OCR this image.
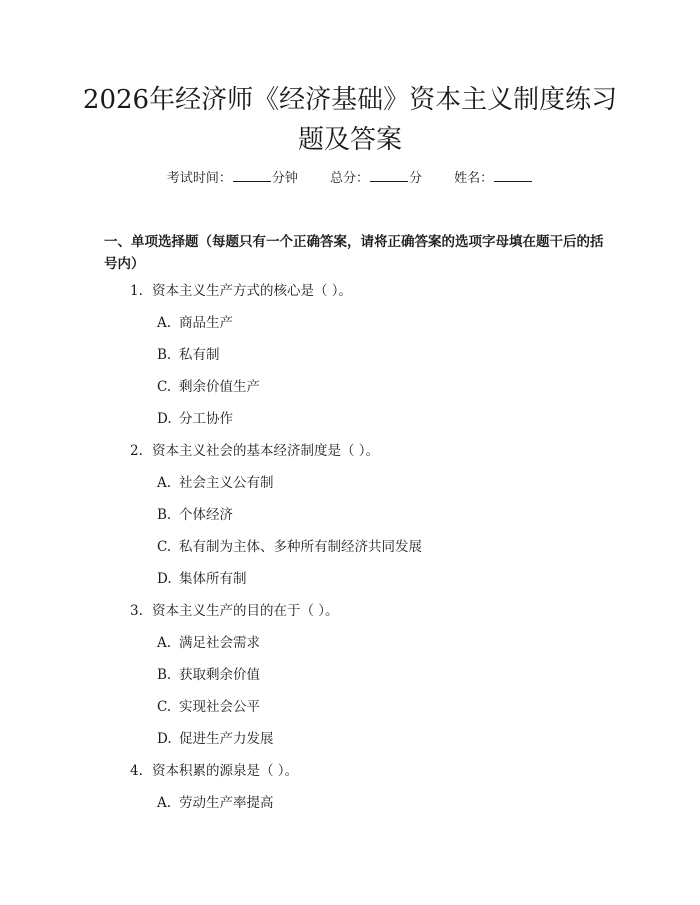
2026年经济师《经济基础》资本主义制度练习题及答案
考试时间：	分钟 总分：	分 姓名：
一、单项选择题（每题只有一个正确答案，请将正确答案的选项字母填在题干后的括号内）
1. 资本主义生产方式的核心是（ ）。
A. 商品生产
B. 私有制
C. 剩余价值生产
D. 分工协作
2. 资本主义社会的基本经济制度是（ ）。
A. 社会主义公有制
B. 个体经济
C. 私有制为主体、多种所有制经济共同发展
D. 集体所有制
3. 资本主义生产的目的在于（ ）。
A. 满足社会需求
B. 获取剩余价值
C. 实现社会公平
D. 促进生产力发展
4. 资本积累的源泉是（ ）。
A. 劳动生产率提高
